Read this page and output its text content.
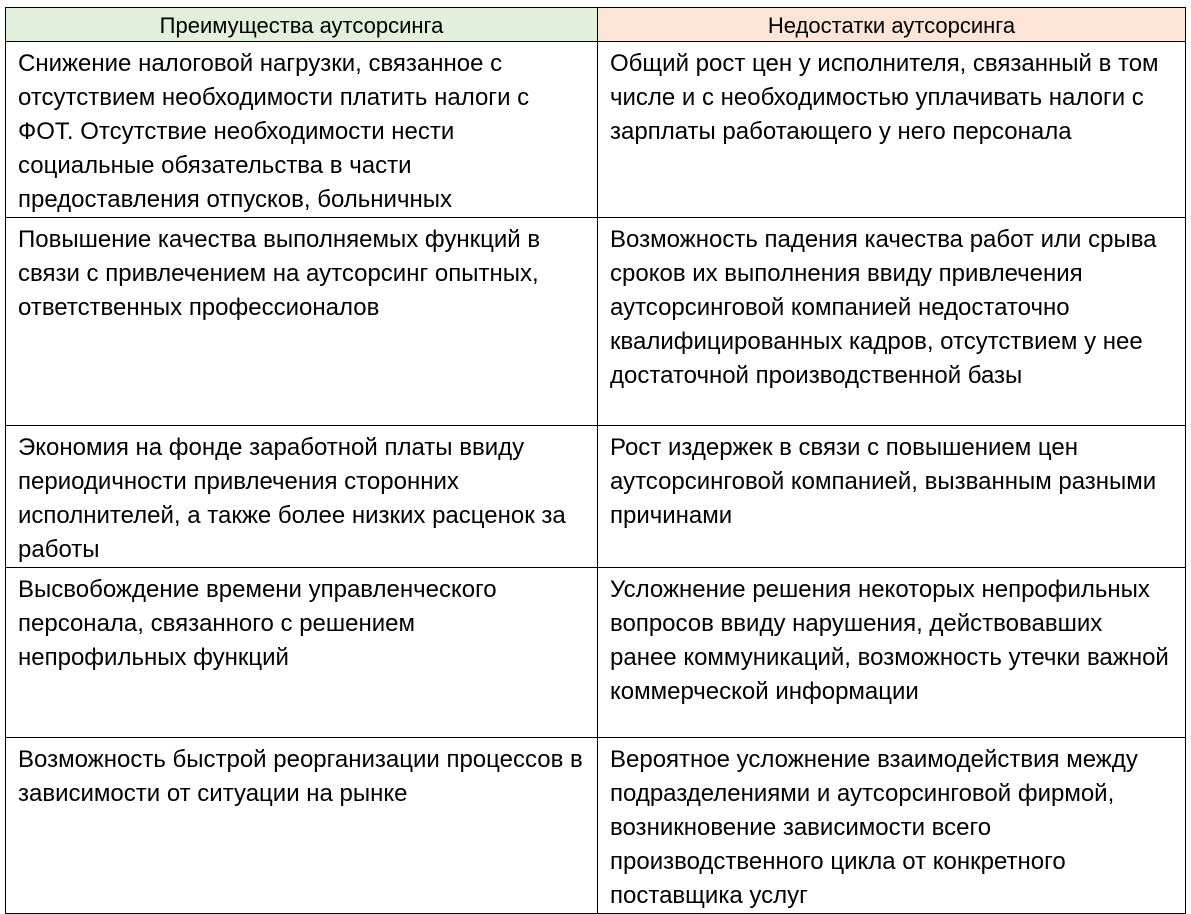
Преимущества аутсорсинга	Недостатки аутсорсинга
Снижение налоговой нагрузки, связанное с отсутствием необходимости платить налоги с ФОТ. Отсутствие необходимости нести социальные обязательства в части предоставления отпусков, больничных	Общий рост цен у исполнителя, связанный в том числе и с необходимостью уплачивать налоги с зарплаты работающего у него персонала
Повышение качества выполняемых функций в связи с привлечением на аутсорсинг опытных, ответственных профессионалов	Возможность падения качества работ или срыва сроков их выполнения ввиду привлечения аутсорсинговой компанией недостаточно квалифицированных кадров, отсутствием у нее достаточной производственной базы
Экономия на фонде заработной платы ввиду периодичности привлечения сторонних исполнителей, а также более низких расценок за работы	Рост издержек в связи с повышением цен аутсорсинговой компанией, вызванным разными причинами
Высвобождение времени управленческого персонала, связанного с решением непрофильных функций	Усложнение решения некоторых непрофильных вопросов ввиду нарушения, действовавших ранее коммуникаций, возможность утечки важной коммерческой информации
Возможность быстрой реорганизации процессов в зависимости от ситуации на рынке	Вероятное усложнение взаимодействия между подразделениями и аутсорсинговой фирмой, возникновение зависимости всего производственного цикла от конкретного поставщика услуг
